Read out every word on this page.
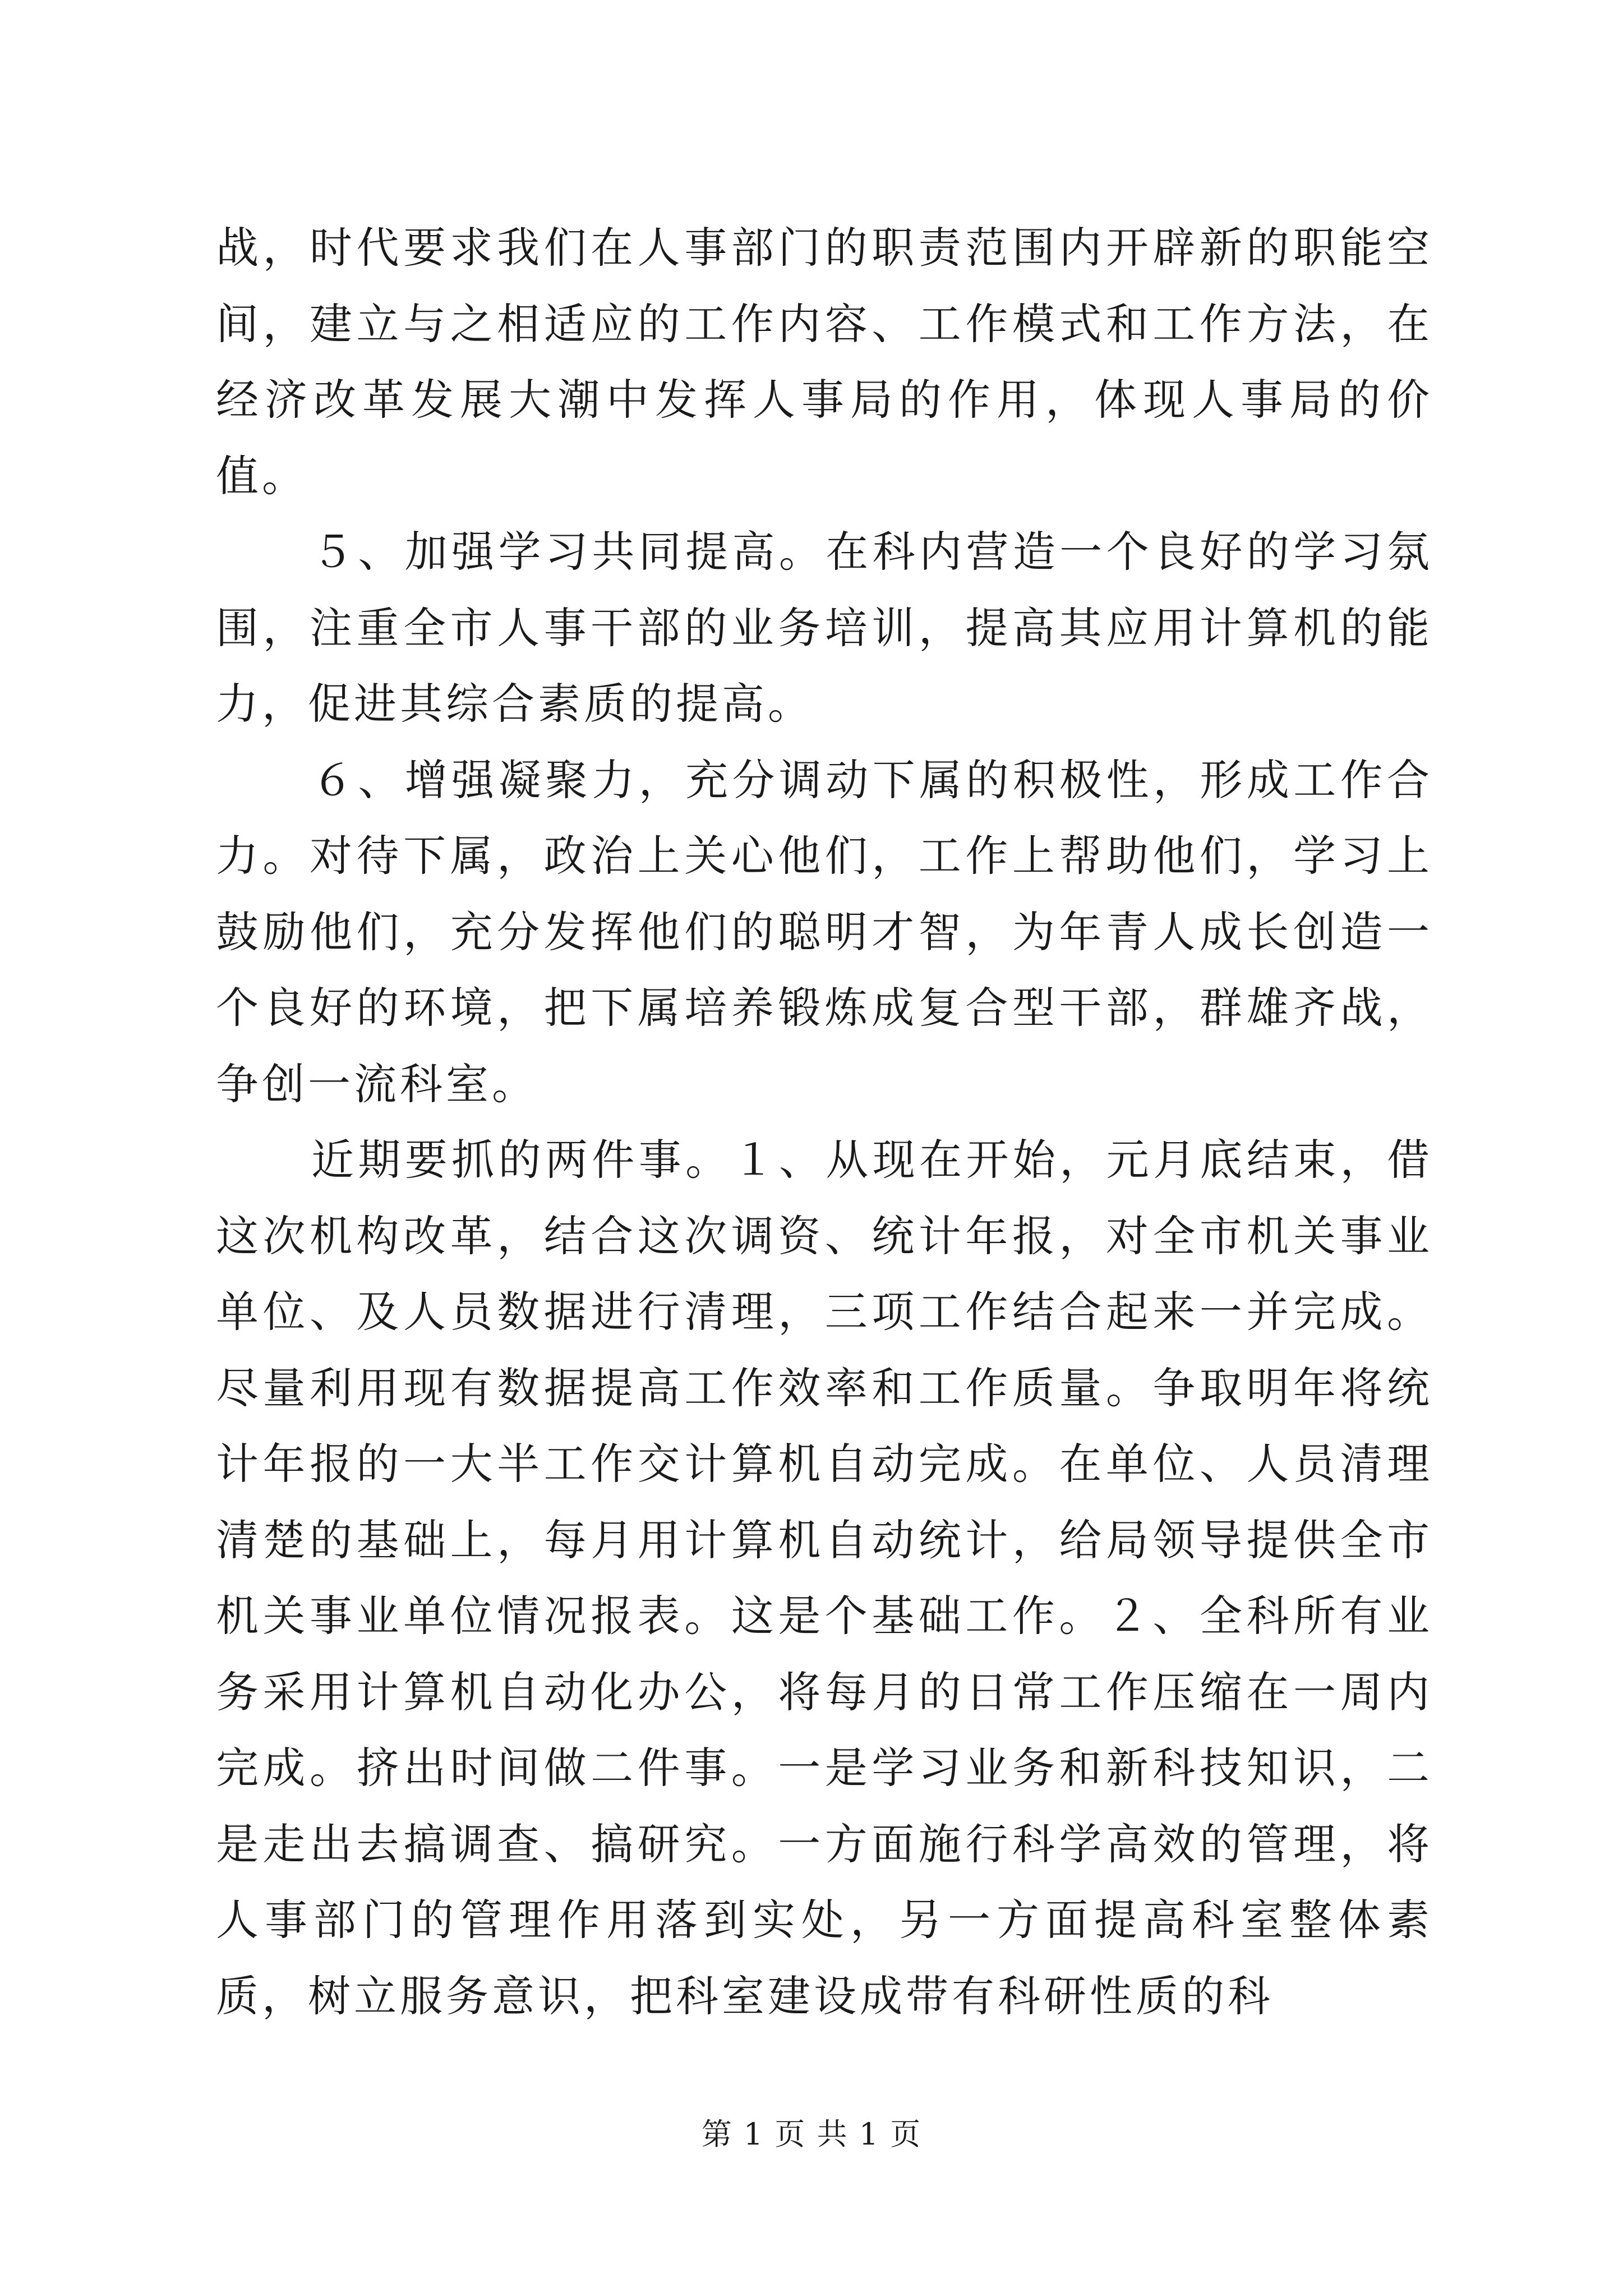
战，时代要求我们在人事部门的职责范围内开辟新的职能空间，建立与之相适应的工作内容、工作模式和工作方法，在经济改革发展大潮中发挥人事局的作用，体现人事局的价值。

５、加强学习共同提高。在科内营造一个良好的学习氛围，注重全市人事干部的业务培训，提高其应用计算机的能力，促进其综合素质的提高。

６、增强凝聚力，充分调动下属的积极性，形成工作合力。对待下属，政治上关心他们，工作上帮助他们，学习上鼓励他们，充分发挥他们的聪明才智，为年青人成长创造一个良好的环境，把下属培养锻炼成复合型干部，群雄齐战，争创一流科室。

近期要抓的两件事。１、从现在开始，元月底结束，借这次机构改革，结合这次调资、统计年报，对全市机关事业单位、及人员数据进行清理，三项工作结合起来一并完成。尽量利用现有数据提高工作效率和工作质量。争取明年将统计年报的一大半工作交计算机自动完成。在单位、人员清理清楚的基础上，每月用计算机自动统计，给局领导提供全市机关事业单位情况报表。这是个基础工作。２、全科所有业务采用计算机自动化办公，将每月的日常工作压缩在一周内完成。挤出时间做二件事。一是学习业务和新科技知识，二是走出去搞调查、搞研究。一方面施行科学高效的管理，将人事部门的管理作用落到实处，另一方面提高科室整体素质，树立服务意识，把科室建设成带有科研性质的科

第 1 页 共 1 页
